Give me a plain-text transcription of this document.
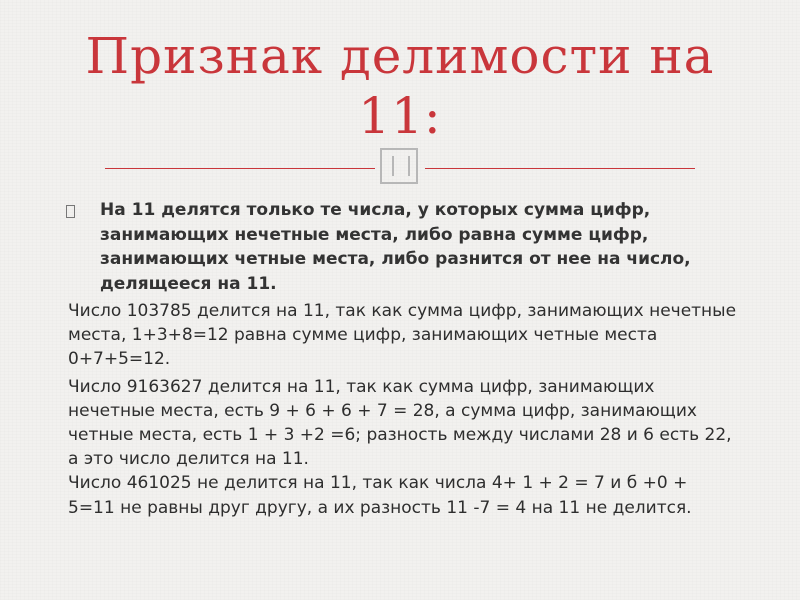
Признак делимости на 11:

На 11 делятся только те числа, у которых сумма цифр, занимающих нечетные места, либо равна сумме цифр, занимающих четные места, либо разнится от нее на число, делящееся на 11.

Число 103785 делится на 11, так как сумма цифр, занимающих нечетные места, 1+3+8=12 равна сумме цифр, занимающих четные места 0+7+5=12.

Число 9163627 делится на 11, так как сумма цифр, занимающих нечетные места, есть 9 + 6 + 6 + 7 = 28, а сумма цифр, занимающих четные места, есть 1 + 3 +2 =6; разность между числами 28 и 6 есть 22, а это число делится на 11.

Число 461025 не делится на 11, так как числа 4+ 1 + 2 = 7 и б +0 + 5=11 не равны друг другу, а их разность 11 -7 = 4 на 11 не делится.
